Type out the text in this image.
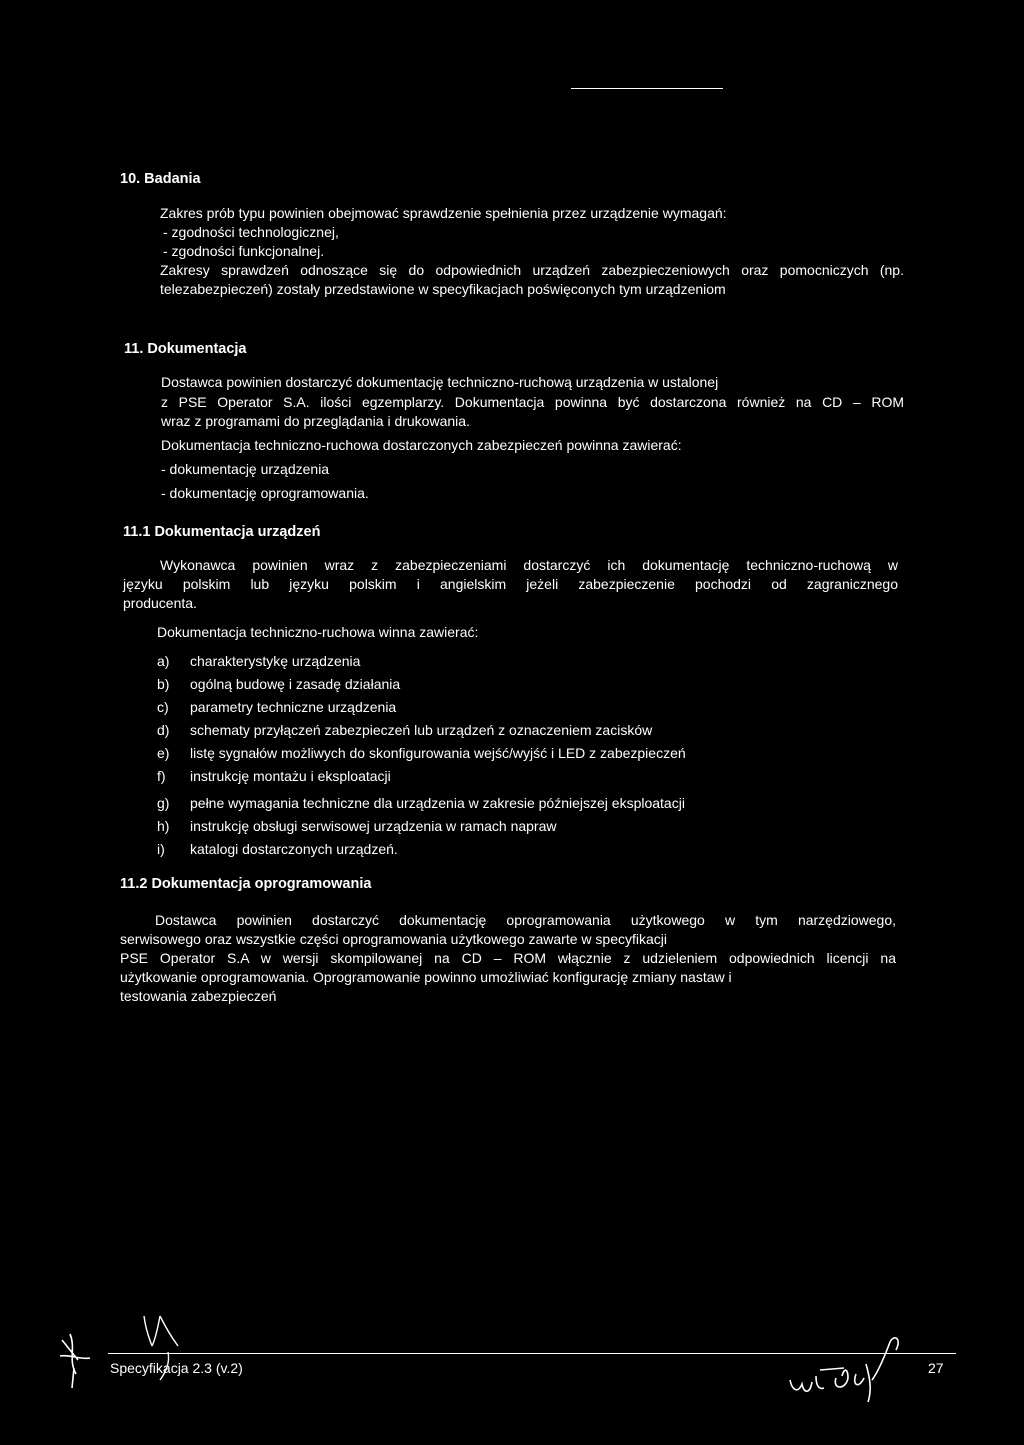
10. Badania
Zakres prób typu powinien obejmować sprawdzenie spełnienia przez urządzenie wymagań:
- zgodności technologicznej,
- zgodności funkcjonalnej.
Zakresy sprawdzeń odnoszące się do odpowiednich urządzeń zabezpieczeniowych oraz pomocniczych (np.
telezabezpieczeń) zostały przedstawione w specyfikacjach poświęconych tym urządzeniom
11. Dokumentacja
Dostawca powinien dostarczyć dokumentację techniczno-ruchową urządzenia w ustalonej
z PSE Operator S.A. ilości egzemplarzy. Dokumentacja powinna być dostarczona również na CD – ROM
wraz z programami do przeglądania i drukowania.
Dokumentacja techniczno-ruchowa dostarczonych zabezpieczeń powinna zawierać:
- dokumentację urządzenia
- dokumentację oprogramowania.
11.1 Dokumentacja urządzeń
Wykonawca powinien wraz z zabezpieczeniami dostarczyć ich dokumentację techniczno-ruchową w
języku polskim lub języku polskim i angielskim jeżeli zabezpieczenie pochodzi od zagranicznego
producenta.
Dokumentacja techniczno-ruchowa winna zawierać:
a) charakterystykę urządzenia
b) ogólną budowę i zasadę działania
c) parametry techniczne urządzenia
d) schematy przyłączeń zabezpieczeń lub urządzeń z oznaczeniem zacisków
e) listę sygnałów możliwych do skonfigurowania wejść/wyjść i LED z zabezpieczeń
f) instrukcję montażu i eksploatacji
g) pełne wymagania techniczne dla urządzenia w zakresie późniejszej eksploatacji
h) instrukcję obsługi serwisowej urządzenia w ramach napraw
i) katalogi dostarczonych urządzeń.
11.2 Dokumentacja oprogramowania
Dostawca powinien dostarczyć dokumentację oprogramowania użytkowego w tym narzędziowego,
serwisowego oraz wszystkie części oprogramowania użytkowego zawarte w specyfikacji
PSE Operator S.A w wersji skompilowanej na CD – ROM włącznie z udzieleniem odpowiednich licencji na
użytkowanie oprogramowania. Oprogramowanie powinno umożliwiać konfigurację zmiany nastaw i
testowania zabezpieczeń
Specyfikacja 2.3 (v.2)	27
